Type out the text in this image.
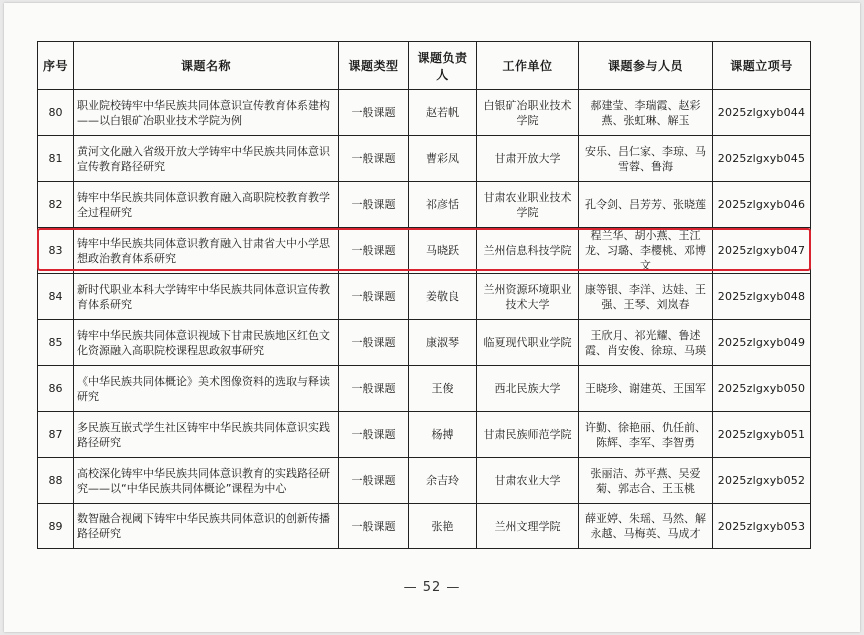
序号	课题名称	课题类型	课题负责人	工作单位	课题参与人员	课题立项号
80	职业院校铸牢中华民族共同体意识宣传教育体系建构——以白银矿冶职业技术学院为例	一般课题	赵若帆	白银矿冶职业技术学院	郝建莹、李瑞霞、赵彩燕、张虹琳、解玉	2025zlgxyb044
81	黄河文化融入省级开放大学铸牢中华民族共同体意识宣传教育路径研究	一般课题	曹彩凤	甘肃开放大学	安乐、吕仁家、李琼、马雪蓉、鲁海	2025zlgxyb045
82	铸牢中华民族共同体意识教育融入高职院校教育教学全过程研究	一般课题	祁彦恬	甘肃农业职业技术学院	孔令剑、吕芳芳、张晓莲	2025zlgxyb046
83	铸牢中华民族共同体意识教育融入甘肃省大中小学思想政治教育体系研究	一般课题	马晓跃	兰州信息科技学院	程兰华、胡小燕、王江龙、习璐、李樱桃、邓博文	2025zlgxyb047
84	新时代职业本科大学铸牢中华民族共同体意识宣传教育体系研究	一般课题	姜敬良	兰州资源环境职业技术大学	康等银、李洋、达娃、王强、王琴、刘岚春	2025zlgxyb048
85	铸牢中华民族共同体意识视域下甘肃民族地区红色文化资源融入高职院校课程思政叙事研究	一般课题	康淑琴	临夏现代职业学院	王欣月、祁光耀、鲁述霞、肖安俊、徐琼、马瑛	2025zlgxyb049
86	《中华民族共同体概论》美术图像资料的选取与释读研究	一般课题	王俊	西北民族大学	王晓珍、谢建英、王国军	2025zlgxyb050
87	多民族互嵌式学生社区铸牢中华民族共同体意识实践路径研究	一般课题	杨搏	甘肃民族师范学院	许勤、徐艳丽、仇任前、陈辉、李军、李智勇	2025zlgxyb051
88	高校深化铸牢中华民族共同体意识教育的实践路径研究——以“中华民族共同体概论”课程为中心	一般课题	余吉玲	甘肃农业大学	张丽洁、苏平燕、吴爱菊、郭志合、王玉桃	2025zlgxyb052
89	数智融合视阈下铸牢中华民族共同体意识的创新传播路径研究	一般课题	张艳	兰州文理学院	薛亚婷、朱瑶、马然、解永越、马梅英、马成才	2025zlgxyb053
— 52 —
